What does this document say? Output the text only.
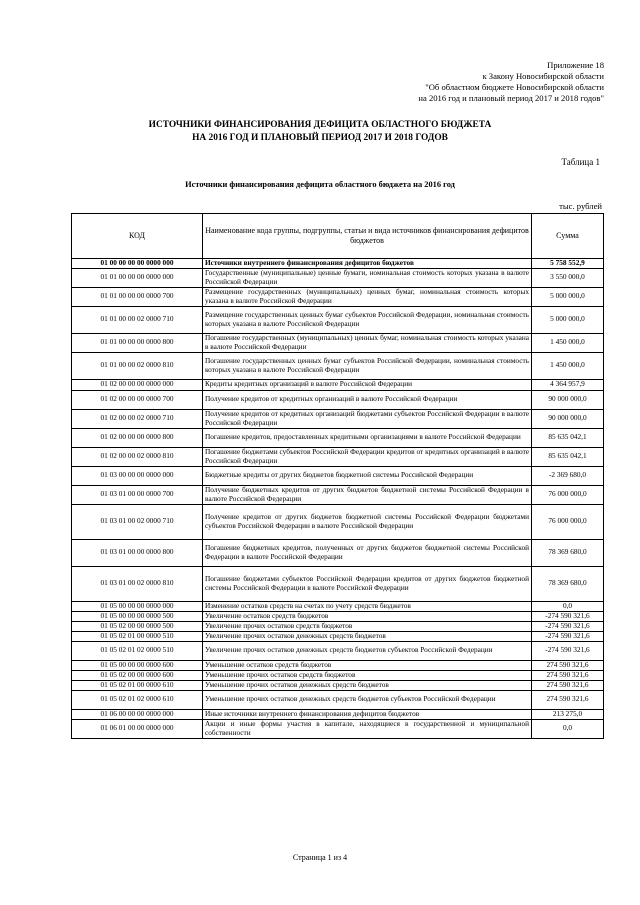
Приложение 18
к Закону Новосибирской области
"Об областном бюджете Новосибирской области
на 2016 год и плановый период 2017 и 2018 годов"
ИСТОЧНИКИ ФИНАНСИРОВАНИЯ ДЕФИЦИТА ОБЛАСТНОГО БЮДЖЕТА
НА 2016 ГОД И ПЛАНОВЫЙ ПЕРИОД 2017 И 2018 ГОДОВ
Таблица 1
Источники финансирования дефицита областного бюджета на 2016 год
тыс. рублей
КОД	Наименование кода группы, подгруппы, статьи и вида источников финансирования дефицитов бюджетов	Сумма
01 00 00 00 00 0000 000	Источники внутреннего финансирования дефицитов бюджетов	5 758 552,9
01 01 00 00 00 0000 000	Государственные (муниципальные) ценные бумаги, номинальная стоимость которых указана в валюте Российской Федерации	3 550 000,0
01 01 00 00 00 0000 700	Размещение государственных (муниципальных) ценных бумаг, номинальная стоимость которых указана в валюте Российской Федерации	5 000 000,0
01 01 00 00 02 0000 710	Размещение государственных ценных бумаг субъектов Российской Федерации, номинальная стоимость которых указана в валюте Российской Федерации	5 000 000,0
01 01 00 00 00 0000 800	Погашение государственных (муниципальных) ценных бумаг, номинальная стоимость которых указана в валюте Российской Федерации	1 450 000,0
01 01 00 00 02 0000 810	Погашение государственных ценных бумаг субъектов Российской Федерации, номинальная стоимость которых указана в валюте Российской Федерации	1 450 000,0
01 02 00 00 00 0000 000	Кредиты кредитных организаций в валюте Российской Федерации	4 364 957,9
01 02 00 00 00 0000 700	Получение кредитов от кредитных организаций в валюте Российской Федерации	90 000 000,0
01 02 00 00 02 0000 710	Получение кредитов от кредитных организаций бюджетами субъектов Российской Федерации в валюте Российской Федерации	90 000 000,0
01 02 00 00 00 0000 800	Погашение кредитов, предоставленных кредитными организациями в валюте Российской Федерации	85 635 042,1
01 02 00 00 02 0000 810	Погашение бюджетами субъектов Российской Федерации кредитов от кредитных организаций в валюте Российской Федерации	85 635 042,1
01 03 00 00 00 0000 000	Бюджетные кредиты от других бюджетов бюджетной системы Российской Федерации	-2 369 680,0
01 03 01 00 00 0000 700	Получение бюджетных кредитов от других бюджетов бюджетной системы Российской Федерации в валюте Российской Федерации	76 000 000,0
01 03 01 00 02 0000 710	Получение кредитов от других бюджетов бюджетной системы Российской Федерации бюджетами субъектов Российской Федерации в валюте Российской Федерации	76 000 000,0
01 03 01 00 00 0000 800	Погашение бюджетных кредитов, полученных от других бюджетов бюджетной системы Российской Федерации в валюте Российской Федерации	78 369 680,0
01 03 01 00 02 0000 810	Погашение бюджетами субъектов Российской Федерации кредитов от других бюджетов бюджетной системы Российской Федерации в валюте Российской Федерации	78 369 680,0
01 05 00 00 00 0000 000	Изменение остатков средств на счетах по учету средств бюджетов	0,0
01 05 00 00 00 0000 500	Увеличение остатков средств бюджетов	-274 590 321,6
01 05 02 00 00 0000 500	Увеличение прочих остатков средств бюджетов	-274 590 321,6
01 05 02 01 00 0000 510	Увеличение прочих остатков денежных средств бюджетов	-274 590 321,6
01 05 02 01 02 0000 510	Увеличение прочих остатков денежных средств бюджетов субъектов Российской Федерации	-274 590 321,6
01 05 00 00 00 0000 600	Уменьшение остатков средств бюджетов	274 590 321,6
01 05 02 00 00 0000 600	Уменьшение прочих остатков средств бюджетов	274 590 321,6
01 05 02 01 00 0000 610	Уменьшение прочих остатков денежных средств бюджетов	274 590 321,6
01 05 02 01 02 0000 610	Уменьшение прочих остатков денежных средств бюджетов субъектов Российской Федерации	274 590 321,6
01 06 00 00 00 0000 000	Иные источники внутреннего финансирования дефицитов бюджетов	213 275,0
01 06 01 00 00 0000 000	Акции и иные формы участия в капитале, находящиеся в государственной и муниципальной собственности	0,0
Страница 1 из 4
